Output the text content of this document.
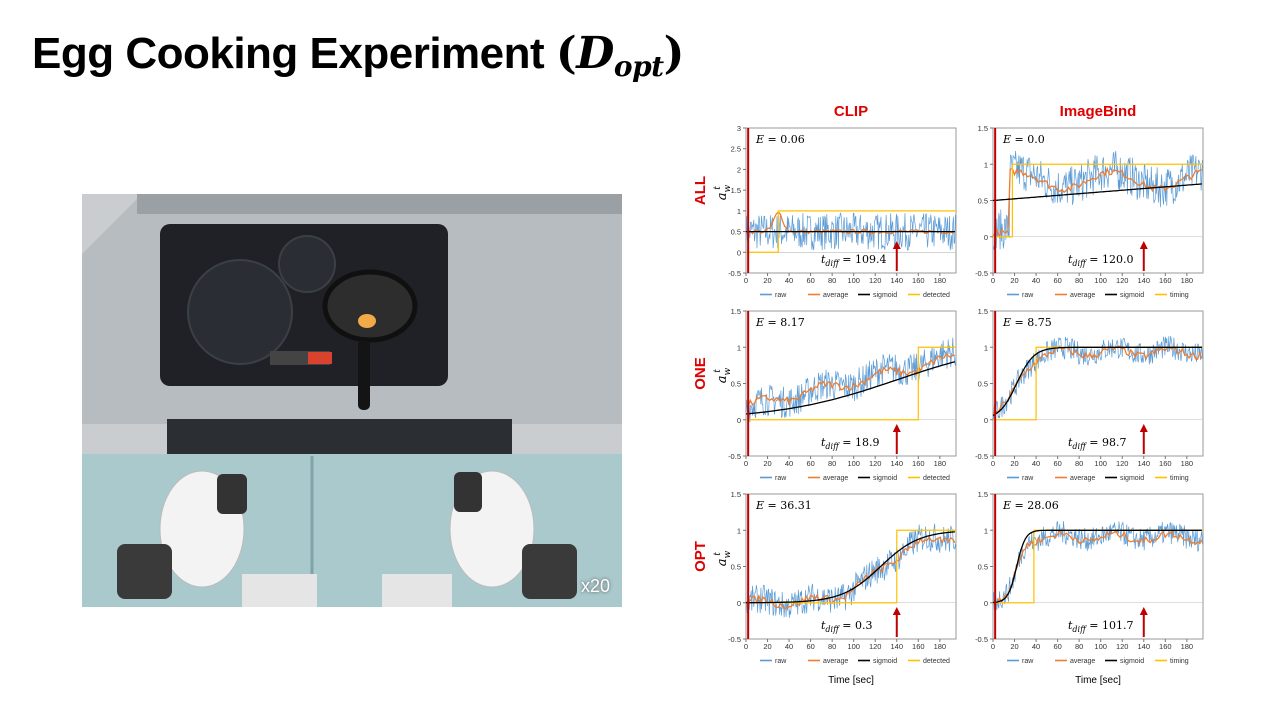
Egg Cooking Experiment $(D_{opt})$
x20
CLIP	ImageBind
ALL $a_wt$
ONE $a_wt$
OPT $a_wt$
-0.5
0
0.5
1
1.5
2
2.5
3
0 20 40 60 80 100 120 140 160 180
E = 0.06
$t_{diff} = 109.4$
raw	average	sigmoid	detected
-0.5
0
0.5
1
1.5
0 20 40 60 80 100 120 140 160 180
E = 0.0
$t_{diff} = 120.0$
raw	average	sigmoid	timing
-0.5
0
0.5
1
1.5
0 20 40 60 80 100 120 140 160 180
E = 8.17
$t_{diff} = 18.9$
raw	average	sigmoid	detected
-0.5
0
0.5
1
1.5
0 20 40 60 80 100 120 140 160 180
E = 8.75
$t_{diff} = 98.7$
raw	average	sigmoid	timing
-0.5
0
0.5
1
1.5
0 20 40 60 80 100 120 140 160 180
E = 36.31
$t_{diff} = 0.3$
raw	average	sigmoid	detected
Time [sec]
-0.5
0
0.5
1
1.5
0 20 40 60 80 100 120 140 160 180
E = 28.06
$t_{diff} = 101.7$
raw	average	sigmoid	timing
Time [sec]
